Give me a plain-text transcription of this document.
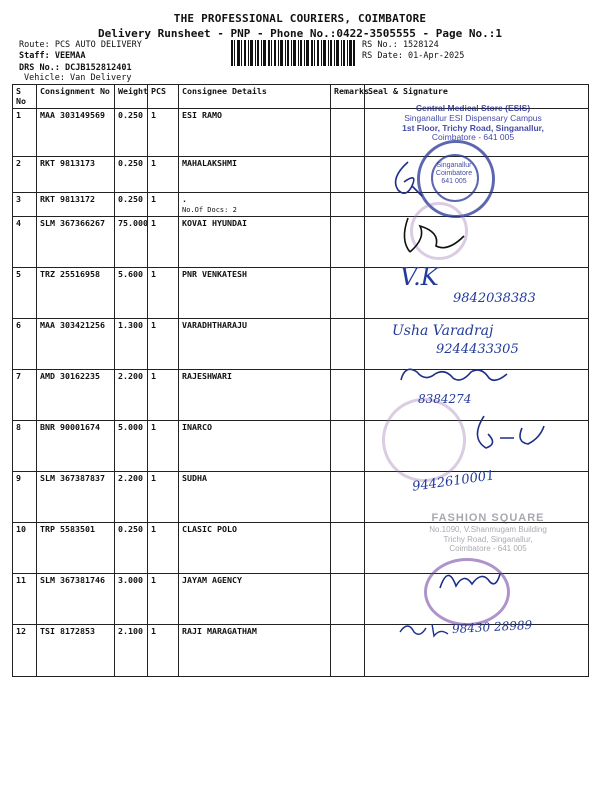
THE PROFESSIONAL COURIERS, COIMBATORE
Delivery Runsheet - PNP - Phone No.:0422-3505555 - Page No.:1
Route: PCS AUTO DELIVERY
Staff: VEEMAA
DRS No.: DCJB152812401
Vehicle: Van Delivery
RS No.: 1528124
RS Date: 01-Apr-2025
S No	Consignment No	Weight	PCS	Consignee Details	Remarks	Seal & Signature
1	MAA 303149569	0.250	1	ESI RAMO		
2	RKT 9813173	0.250	1	MAHALAKSHMI		
3	RKT 9813172	0.250	1	.
No.Of Docs: 2		

4	SLM 367366267	75.000	1	KOVAI HYUNDAI		
5	TRZ 25516958	5.600	1	PNR VENKATESH		
6	MAA 303421256	1.300	1	VARADHTHARAJU		
7	AMD 30162235	2.200	1	RAJESHWARI		
8	BNR 90001674	5.000	1	INARCO		
9	SLM 367387837	2.200	1	SUDHA		
10	TRP 5583501	0.250	1	CLASIC POLO		
11	SLM 367381746	3.000	1	JAYAM AGENCY		
12	TSI 8172853	2.100	1	RAJI MARAGATHAM		
Central Medical Store (ESIS)
Singanallur ESI Dispensary Campus
1st Floor, Trichy Road, Singanallur,
Coimbatore - 641 005
Singanallur
Coimbatore
641 005
FASHION SQUARE
No.1090, V.Shanmugam Building
Trichy Road, Singanallur,
Coimbatore - 641 005
V.K
9842038383
Usha Varadraj
9244433305
8384274
9442610001
98430 28989
